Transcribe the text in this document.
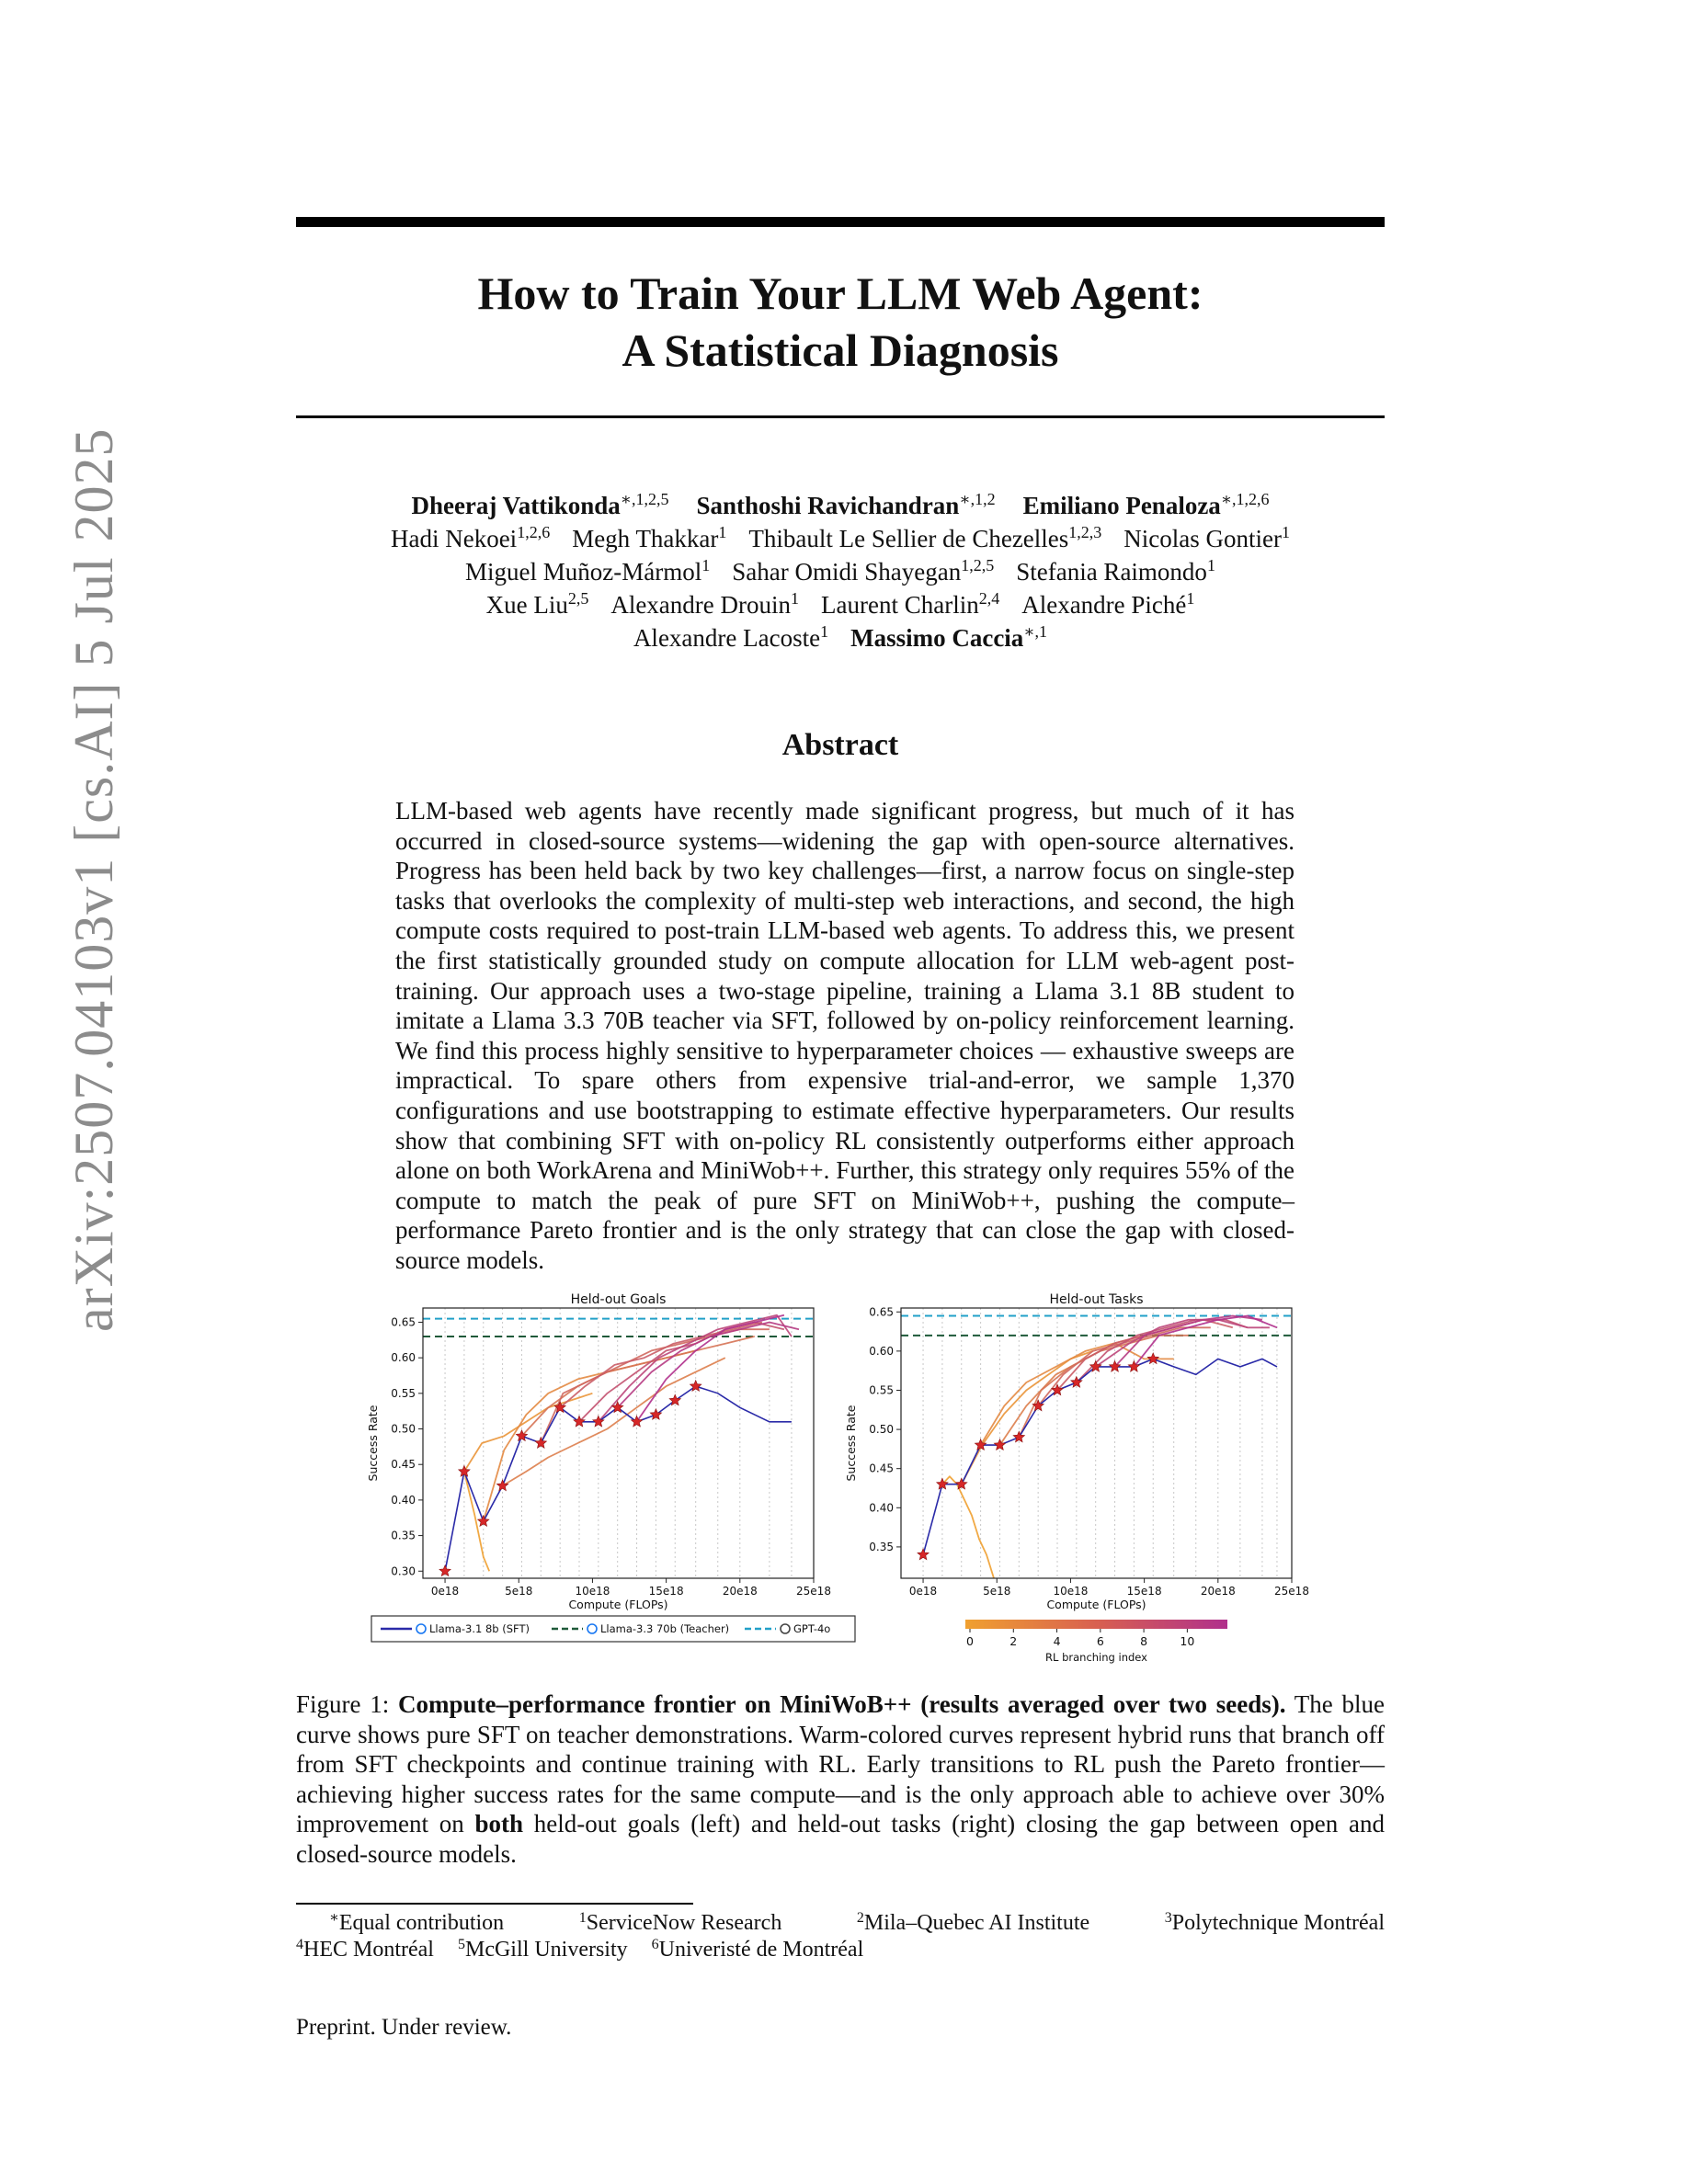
arXiv:2507.04103v1 [cs.AI] 5 Jul 2025
How to Train Your LLM Web Agent:
A Statistical Diagnosis
Dheeraj Vattikonda$^{∗,1,2,5}$ Santhoshi Ravichandran$^{∗,1,2}$ Emiliano Penaloza$^{∗,1,2,6}$
Hadi Nekoei$^{1,2,6}$ Megh Thakkar$^1$ Thibault Le Sellier de Chezelles$^{1,2,3}$ Nicolas Gontier$^1$
Miguel Muñoz-Mármol$^1$ Sahar Omidi Shayegan$^{1,2,5}$ Stefania Raimondo$^1$
Xue Liu$^{2,5}$ Alexandre Drouin$^1$ Laurent Charlin$^{2,4}$ Alexandre Piché$^1$
Alexandre Lacoste$^1$ Massimo Caccia$^{∗,1}$
Abstract
LLM-based web agents have recently made significant progress, but much of it has occurred in closed-source systems—widening the gap with open-source alternatives. Progress has been held back by two key challenges—first, a narrow focus on single-step tasks that overlooks the complexity of multi-step web interactions, and second, the high compute costs required to post-train LLM-based web agents. To address this, we present the first statistically grounded study on compute allocation for LLM web-agent post-training. Our approach uses a two-stage pipeline, training a Llama 3.1 8B student to imitate a Llama 3.3 70B teacher via SFT, followed by on-policy reinforcement learning. We find this process highly sensitive to hyperparameter choices — exhaustive sweeps are impractical. To spare others from expensive trial-and-error, we sample 1,370 configurations and use bootstrapping to estimate effective hyperparameters. Our results show that combining SFT with on-policy RL consistently outperforms either approach alone on both WorkArena and MiniWob++. Further, this strategy only requires 55% of the compute to match the peak of pure SFT on MiniWob++, pushing the compute–performance Pareto frontier and is the only strategy that can close the gap with closed-source models.
Held-out Goals
0e18	5e18	10e18	15e18	20e18	25e18
0.30
0.35
0.40
0.45
0.50
0.55
0.60
0.65
Compute (FLOPs)
Success Rate
Held-out Tasks
0e18	5e18	10e18	15e18	20e18	25e18
0.35
0.40
0.45
0.50
0.55
0.60
0.65
Compute (FLOPs)
Success Rate
Llama-3.1 8b (SFT)	Llama-3.3 70b (Teacher)	GPT-4o
0	2	4	6	8	10
RL branching index
Figure 1: Compute–performance frontier on MiniWoB++ (results averaged over two seeds). The blue curve shows pure SFT on teacher demonstrations. Warm-colored curves represent hybrid runs that branch off from SFT checkpoints and continue training with RL. Early transitions to RL push the Pareto frontier—achieving higher success rates for the same compute—and is the only approach able to achieve over 30% improvement on both held-out goals (left) and held-out tasks (right) closing the gap between open and closed-source models.
∗Equal contribution	$^1$ServiceNow Research	$^2$Mila–Quebec AI Institute	$^3$Polytechnique Montréal
$^4$HEC Montréal $^5$McGill University $^6$Univeristé de Montréal
Preprint. Under review.
